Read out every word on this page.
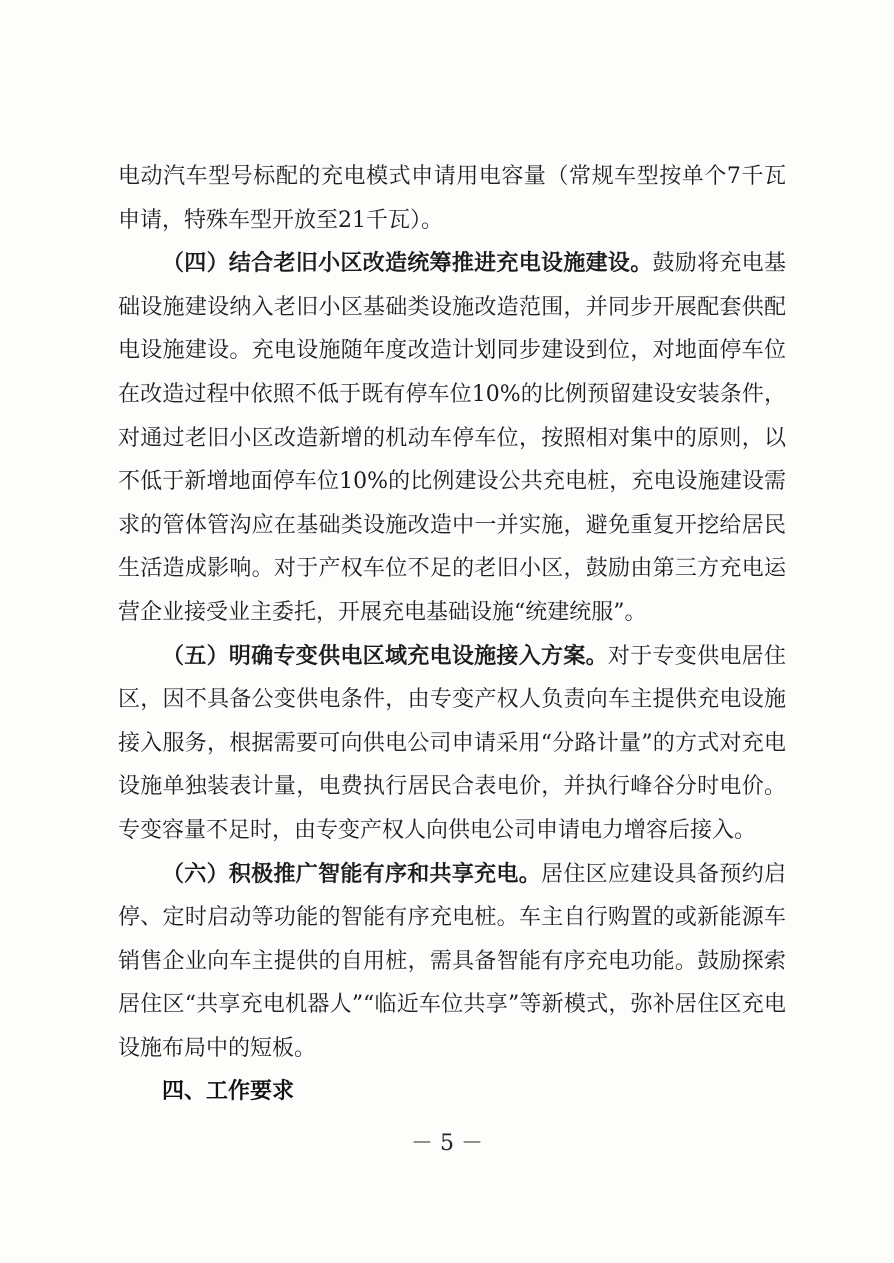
电动汽车型号标配的充电模式申请用电容量（常规车型按单个7千瓦申请，特殊车型开放至21千瓦）。

（四）结合老旧小区改造统筹推进充电设施建设。鼓励将充电基础设施建设纳入老旧小区基础类设施改造范围，并同步开展配套供配电设施建设。充电设施随年度改造计划同步建设到位，对地面停车位在改造过程中依照不低于既有停车位10%的比例预留建设安装条件，对通过老旧小区改造新增的机动车停车位，按照相对集中的原则，以不低于新增地面停车位10%的比例建设公共充电桩，充电设施建设需求的管体管沟应在基础类设施改造中一并实施，避免重复开挖给居民生活造成影响。对于产权车位不足的老旧小区，鼓励由第三方充电运营企业接受业主委托，开展充电基础设施“统建统服”。

（五）明确专变供电区域充电设施接入方案。对于专变供电居住区，因不具备公变供电条件，由专变产权人负责向车主提供充电设施接入服务，根据需要可向供电公司申请采用“分路计量”的方式对充电设施单独装表计量，电费执行居民合表电价，并执行峰谷分时电价。专变容量不足时，由专变产权人向供电公司申请电力增容后接入。

（六）积极推广智能有序和共享充电。居住区应建设具备预约启停、定时启动等功能的智能有序充电桩。车主自行购置的或新能源车销售企业向车主提供的自用桩，需具备智能有序充电功能。鼓励探索居住区“共享充电机器人”“临近车位共享”等新模式，弥补居住区充电设施布局中的短板。

四、工作要求

－ 5 －
